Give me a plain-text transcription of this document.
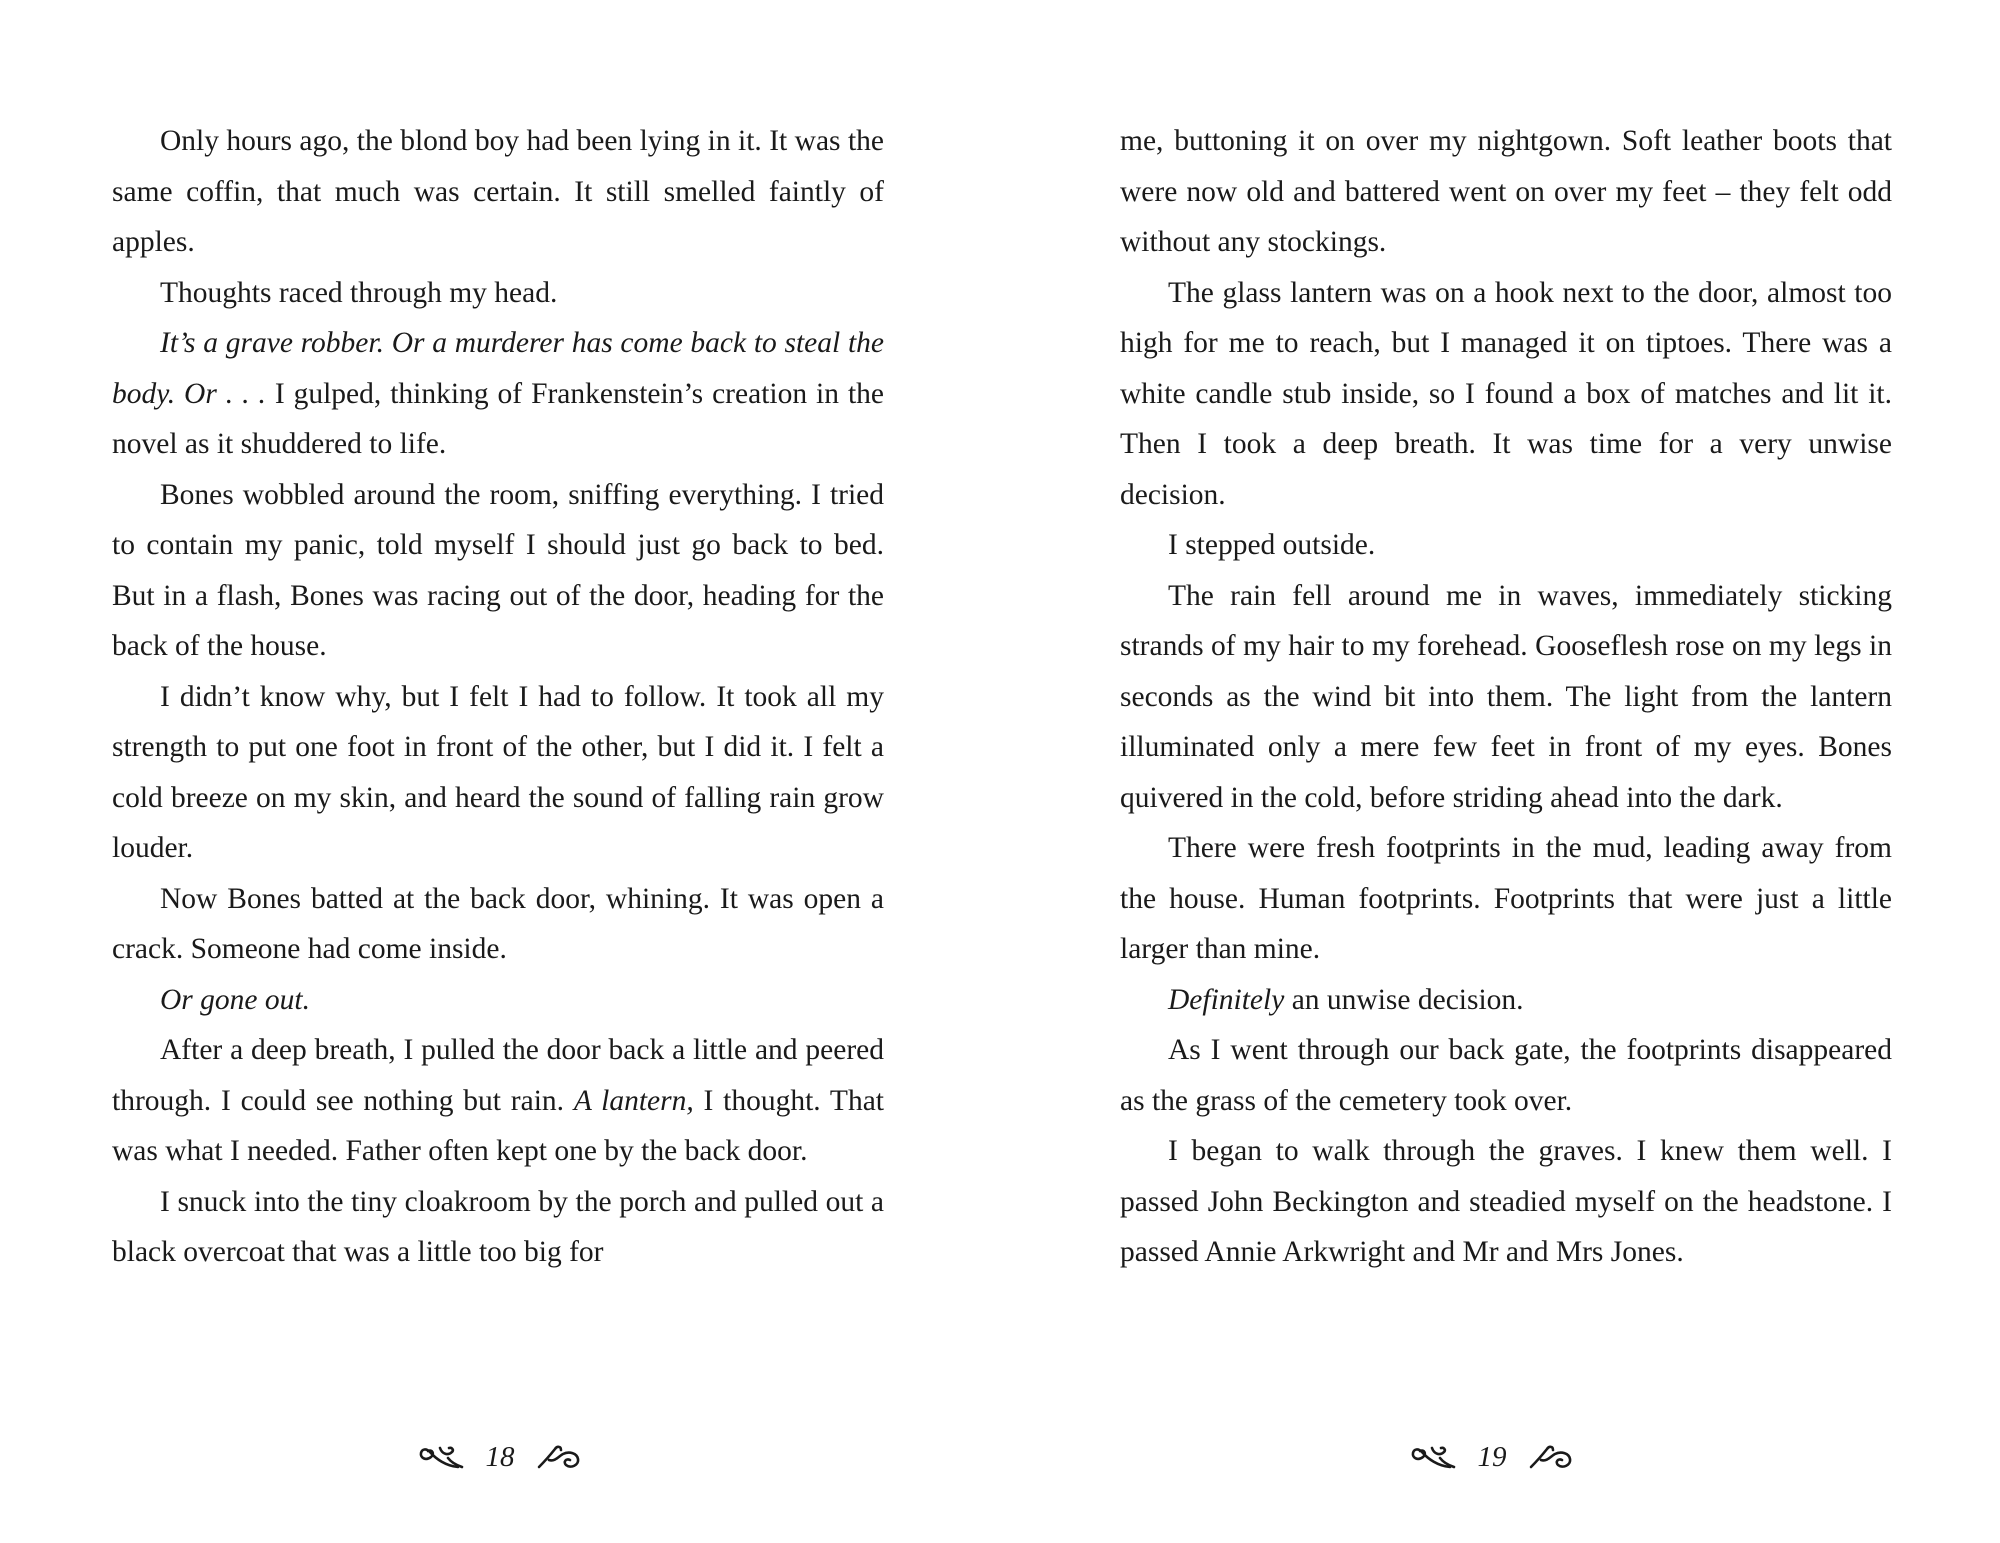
Only hours ago, the blond boy had been lying in it. It was the same coffin, that much was certain. It still smelled faintly of apples.

Thoughts raced through my head.

It’s a grave robber. Or a murderer has come back to steal the body. Or . . . I gulped, thinking of Frankenstein’s creation in the novel as it shuddered to life.

Bones wobbled around the room, sniffing everything. I tried to contain my panic, told myself I should just go back to bed. But in a flash, Bones was racing out of the door, heading for the back of the house.

I didn’t know why, but I felt I had to follow. It took all my strength to put one foot in front of the other, but I did it. I felt a cold breeze on my skin, and heard the sound of falling rain grow louder.

Now Bones batted at the back door, whining. It was open a crack. Someone had come inside.

Or gone out.

After a deep breath, I pulled the door back a little and peered through. I could see nothing but rain. A lantern, I thought. That was what I needed. Father often kept one by the back door.

I snuck into the tiny cloakroom by the porch and pulled out a black overcoat that was a little too big for

18

me, buttoning it on over my nightgown. Soft leather boots that were now old and battered went on over my feet – they felt odd without any stockings.

The glass lantern was on a hook next to the door, almost too high for me to reach, but I managed it on tiptoes. There was a white candle stub inside, so I found a box of matches and lit it. Then I took a deep breath. It was time for a very unwise decision.

I stepped outside.

The rain fell around me in waves, immediately sticking strands of my hair to my forehead. Gooseflesh rose on my legs in seconds as the wind bit into them. The light from the lantern illuminated only a mere few feet in front of my eyes. Bones quivered in the cold, before striding ahead into the dark.

There were fresh footprints in the mud, leading away from the house. Human footprints. Footprints that were just a little larger than mine.

Definitely an unwise decision.

As I went through our back gate, the footprints disappeared as the grass of the cemetery took over.

I began to walk through the graves. I knew them well. I passed John Beckington and steadied myself on the headstone. I passed Annie Arkwright and Mr and Mrs Jones.

19
